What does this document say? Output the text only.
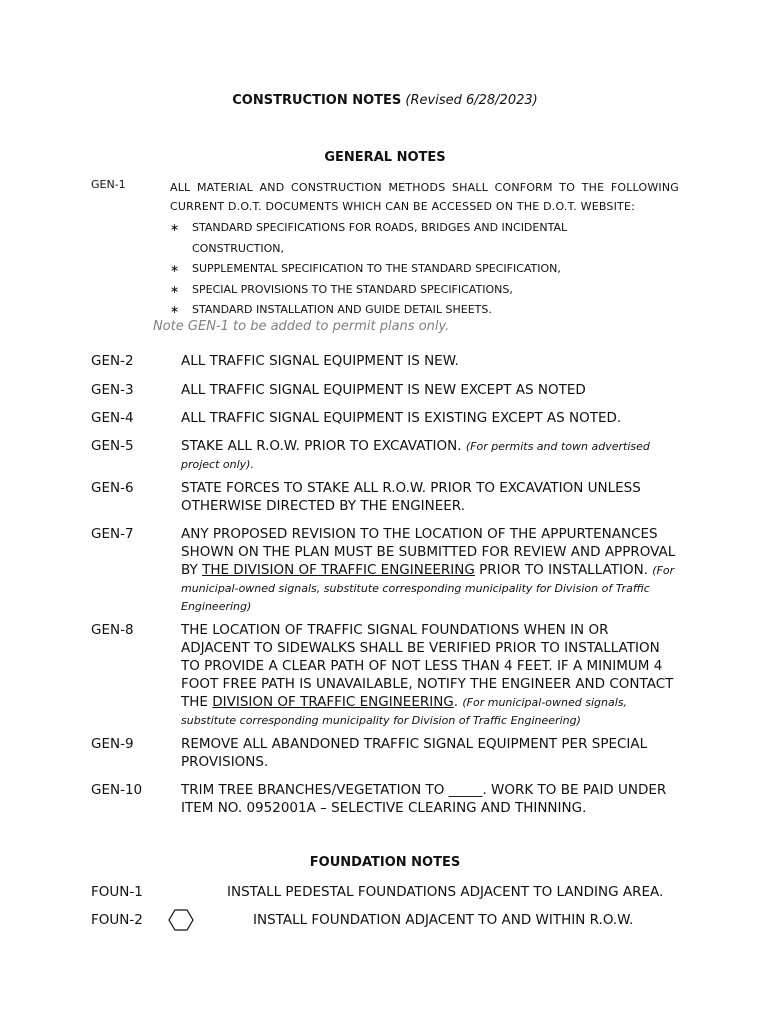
CONSTRUCTION NOTES (Revised 6/28/2023)
GENERAL NOTES
GEN-1	ALL MATERIAL AND CONSTRUCTION METHODS SHALL CONFORM TO THE FOLLOWING CURRENT D.O.T. DOCUMENTS WHICH CAN BE ACCESSED ON THE D.O.T. WEBSITE:
∗ STANDARD SPECIFICATIONS FOR ROADS, BRIDGES AND INCIDENTAL CONSTRUCTION,
∗ SUPPLEMENTAL SPECIFICATION TO THE STANDARD SPECIFICATION,
∗ SPECIAL PROVISIONS TO THE STANDARD SPECIFICATIONS,
∗ STANDARD INSTALLATION AND GUIDE DETAIL SHEETS.
Note GEN-1 to be added to permit plans only.
GEN-2	ALL TRAFFIC SIGNAL EQUIPMENT IS NEW.
GEN-3	ALL TRAFFIC SIGNAL EQUIPMENT IS NEW EXCEPT AS NOTED
GEN-4	ALL TRAFFIC SIGNAL EQUIPMENT IS EXISTING EXCEPT AS NOTED.
GEN-5	STAKE ALL R.O.W. PRIOR TO EXCAVATION. (For permits and town advertised project only).
GEN-6	STATE FORCES TO STAKE ALL R.O.W. PRIOR TO EXCAVATION UNLESS OTHERWISE DIRECTED BY THE ENGINEER.
GEN-7	ANY PROPOSED REVISION TO THE LOCATION OF THE APPURTENANCES SHOWN ON THE PLAN MUST BE SUBMITTED FOR REVIEW AND APPROVAL BY THE DIVISION OF TRAFFIC ENGINEERING PRIOR TO INSTALLATION. (For municipal-owned signals, substitute corresponding municipality for Division of Traffic Engineering)
GEN-8	THE LOCATION OF TRAFFIC SIGNAL FOUNDATIONS WHEN IN OR ADJACENT TO SIDEWALKS SHALL BE VERIFIED PRIOR TO INSTALLATION TO PROVIDE A CLEAR PATH OF NOT LESS THAN 4 FEET. IF A MINIMUM 4 FOOT FREE PATH IS UNAVAILABLE, NOTIFY THE ENGINEER AND CONTACT THE DIVISION OF TRAFFIC ENGINEERING. (For municipal-owned signals, substitute corresponding municipality for Division of Traffic Engineering)
GEN-9	REMOVE ALL ABANDONED TRAFFIC SIGNAL EQUIPMENT PER SPECIAL PROVISIONS.
GEN-10	TRIM TREE BRANCHES/VEGETATION TO _____. WORK TO BE PAID UNDER ITEM NO. 0952001A – SELECTIVE CLEARING AND THINNING.
FOUNDATION NOTES
FOUN-1	INSTALL PEDESTAL FOUNDATIONS ADJACENT TO LANDING AREA.
FOUN-2	INSTALL FOUNDATION ADJACENT TO AND WITHIN R.O.W.
